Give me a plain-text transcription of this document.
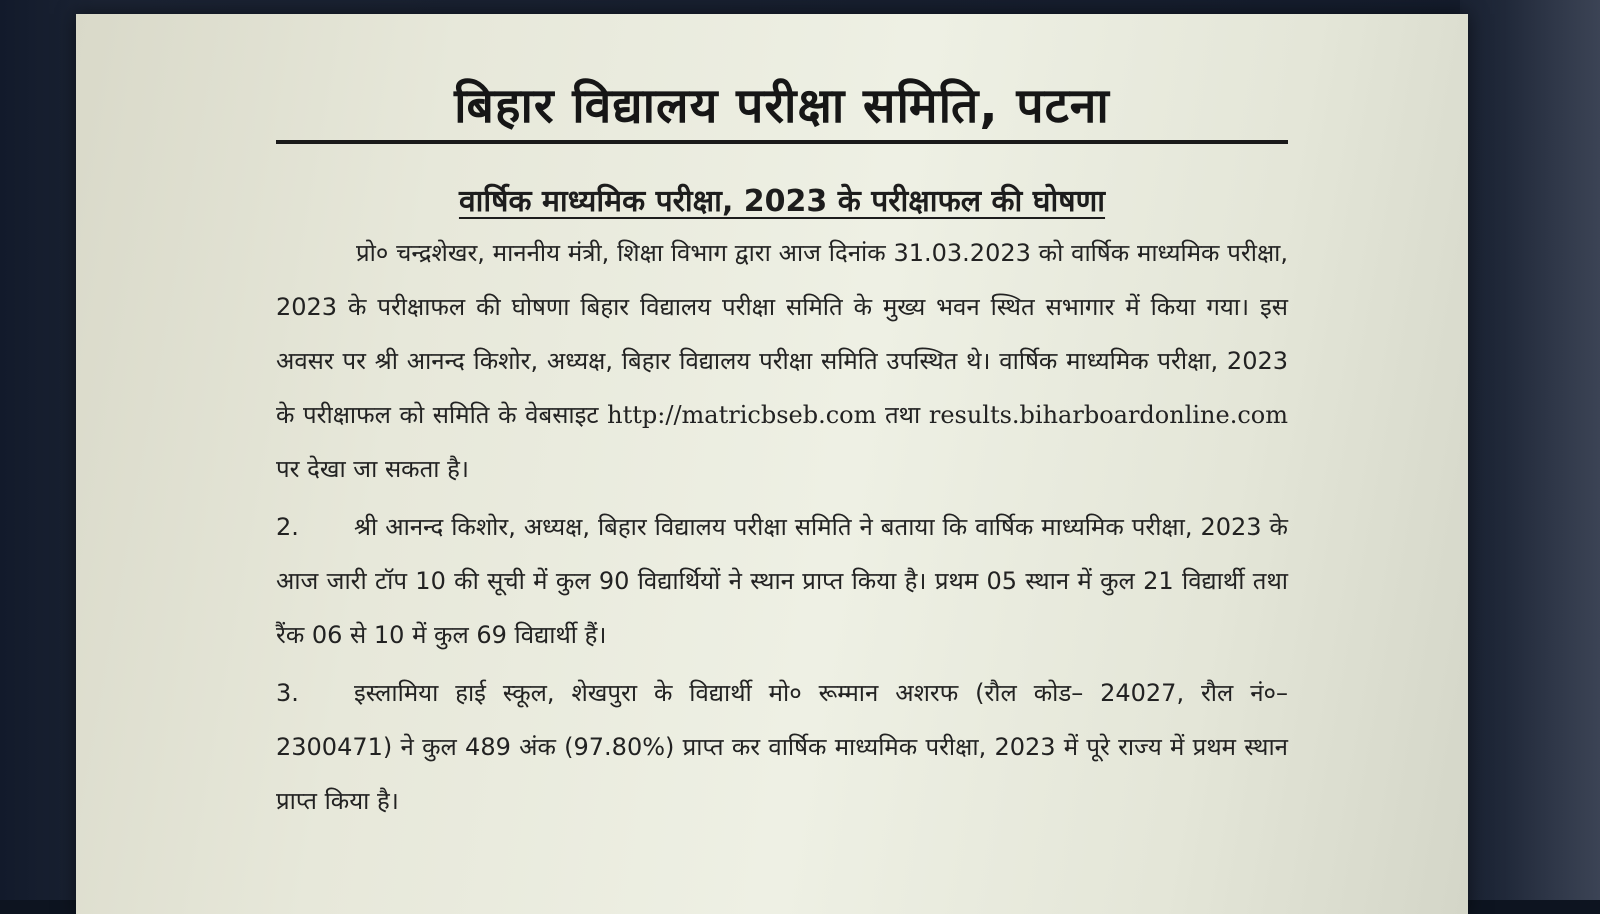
बिहार विद्यालय परीक्षा समिति, पटना
वार्षिक माध्यमिक परीक्षा, 2023 के परीक्षाफल की घोषणा

प्रो० चन्द्रशेखर, माननीय मंत्री, शिक्षा विभाग द्वारा आज दिनांक 31.03.2023 को वार्षिक माध्यमिक परीक्षा, 2023 के परीक्षाफल की घोषणा बिहार विद्यालय परीक्षा समिति के मुख्य भवन स्थित सभागार में किया गया। इस अवसर पर श्री आनन्द किशोर, अध्यक्ष, बिहार विद्यालय परीक्षा समिति उपस्थित थे। वार्षिक माध्यमिक परीक्षा, 2023 के परीक्षाफल को समिति के वेबसाइट http://matricbseb.com तथा results.biharboardonline.com पर देखा जा सकता है।

2. श्री आनन्द किशोर, अध्यक्ष, बिहार विद्यालय परीक्षा समिति ने बताया कि वार्षिक माध्यमिक परीक्षा, 2023 के आज जारी टॉप 10 की सूची में कुल 90 विद्यार्थियों ने स्थान प्राप्त किया है। प्रथम 05 स्थान में कुल 21 विद्यार्थी तथा रैंक 06 से 10 में कुल 69 विद्यार्थी हैं।

3. इस्लामिया हाई स्कूल, शेखपुरा के विद्यार्थी मो० रूम्मान अशरफ (रौल कोड– 24027, रौल नं०– 2300471) ने कुल 489 अंक (97.80%) प्राप्त कर वार्षिक माध्यमिक परीक्षा, 2023 में पूरे राज्य में प्रथम स्थान प्राप्त किया है।
